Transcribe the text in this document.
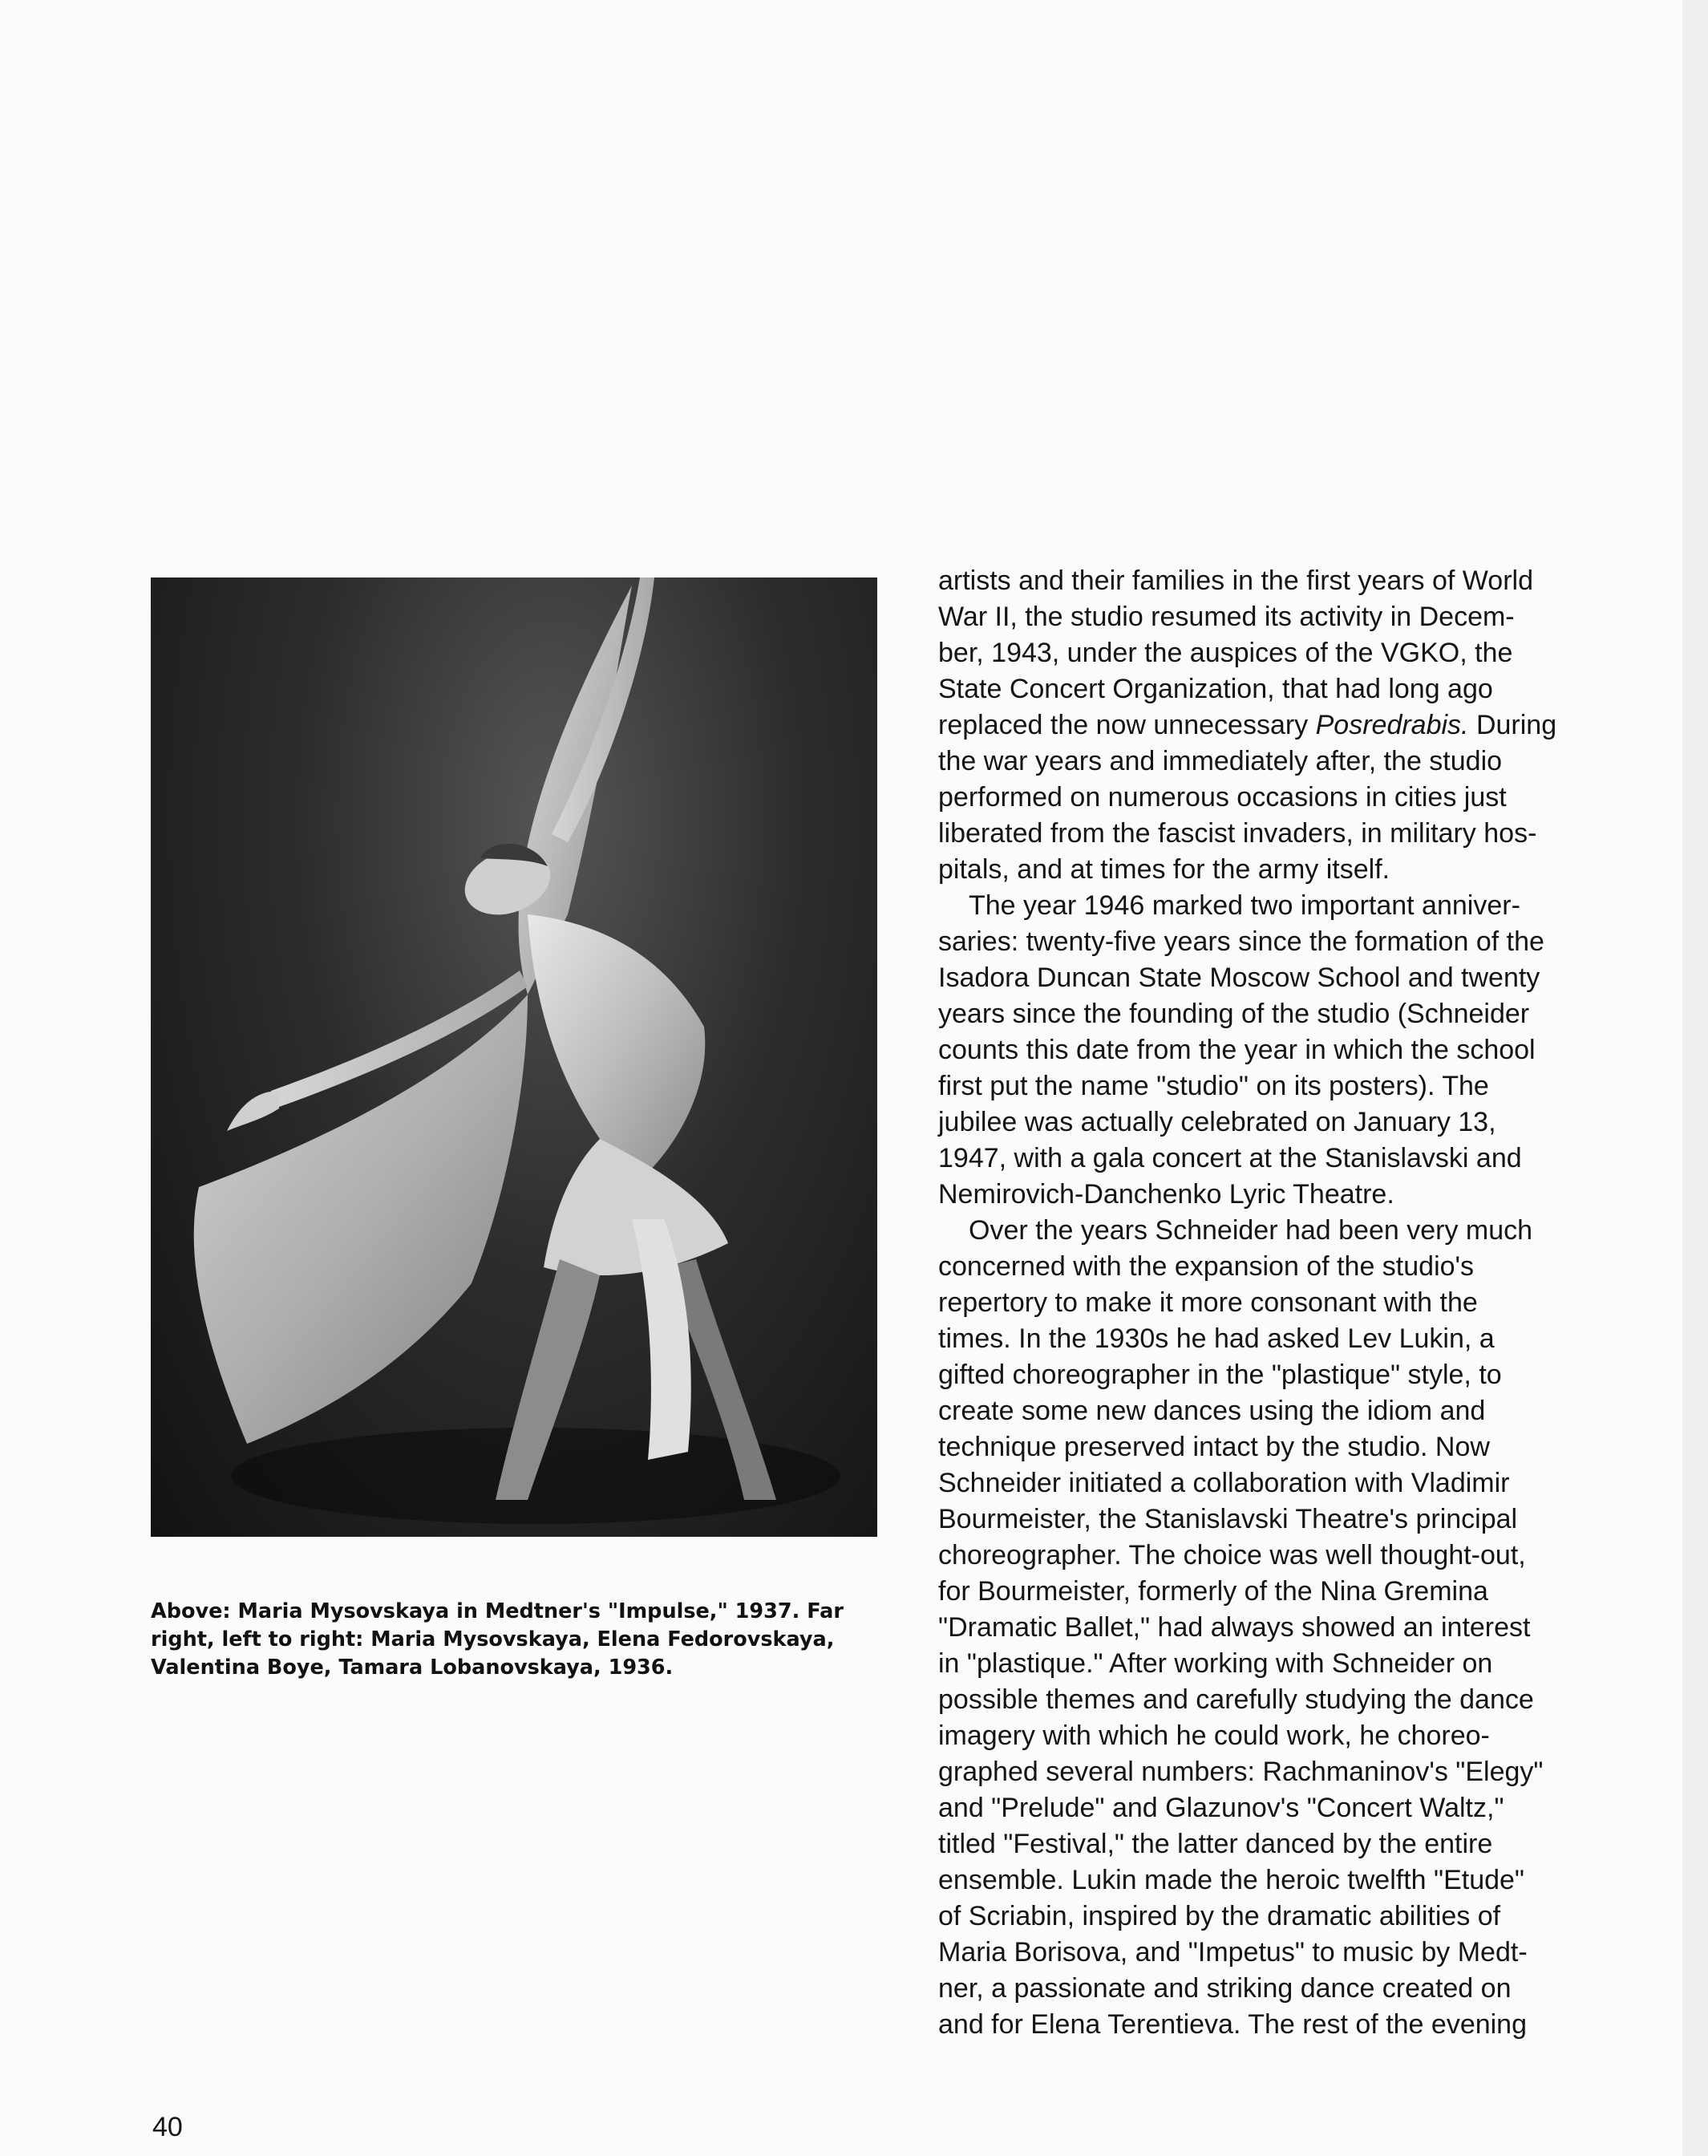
Above: Maria Mysovskaya in Medtner's "Impulse," 1937. Far
right, left to right: Maria Mysovskaya, Elena Fedorovskaya,
Valentina Boye, Tamara Lobanovskaya, 1936.
artists and their families in the first years of World
War II, the studio resumed its activity in Decem-
ber, 1943, under the auspices of the VGKO, the
State Concert Organization, that had long ago
replaced the now unnecessary Posredrabis. During
the war years and immediately after, the studio
performed on numerous occasions in cities just
liberated from the fascist invaders, in military hos-
pitals, and at times for the army itself.
The year 1946 marked two important anniver-
saries: twenty-five years since the formation of the
Isadora Duncan State Moscow School and twenty
years since the founding of the studio (Schneider
counts this date from the year in which the school
first put the name "studio" on its posters). The
jubilee was actually celebrated on January 13,
1947, with a gala concert at the Stanislavski and
Nemirovich-Danchenko Lyric Theatre.
Over the years Schneider had been very much
concerned with the expansion of the studio's
repertory to make it more consonant with the
times. In the 1930s he had asked Lev Lukin, a
gifted choreographer in the "plastique" style, to
create some new dances using the idiom and
technique preserved intact by the studio. Now
Schneider initiated a collaboration with Vladimir
Bourmeister, the Stanislavski Theatre's principal
choreographer. The choice was well thought-out,
for Bourmeister, formerly of the Nina Gremina
"Dramatic Ballet," had always showed an interest
in "plastique." After working with Schneider on
possible themes and carefully studying the dance
imagery with which he could work, he choreo-
graphed several numbers: Rachmaninov's "Elegy"
and "Prelude" and Glazunov's "Concert Waltz,"
titled "Festival," the latter danced by the entire
ensemble. Lukin made the heroic twelfth "Etude"
of Scriabin, inspired by the dramatic abilities of
Maria Borisova, and "Impetus" to music by Medt-
ner, a passionate and striking dance created on
and for Elena Terentieva. The rest of the evening
40
